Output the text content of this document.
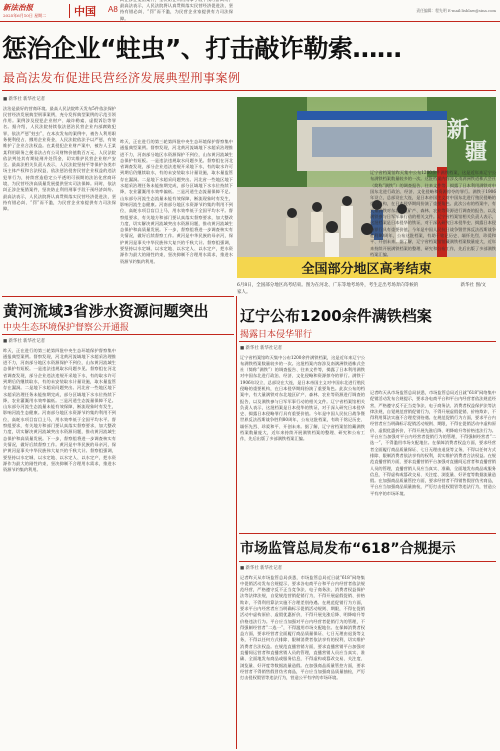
新法治报
2025年6月10日 星期二	中国 A8	责任编辑：程先明 E-mail:lishlaw@sina.com
惩治企业“蛀虫”、打击敲诈勒索……
最高法发布促进民营经济发展典型刑事案例
■ 新华社 新华社记者
法治是最好的营商环境。最高人民法院昨天发布5件依法保护民营经济发展典型刑事案例，充分发挥典型案例的示范引领作用。案例涉及侵犯企业财产、敲诈勒索、虚假诉讼等罪名。据介绍，人民法院持续依法惩治民营企业内部腐败犯罪，依法严惩“蛀虫”，在本次发布的案例中，被告人利用职务便利侵占、挪用企业资金，人民法院依法予以严惩，有效维护了企业合法权益。在某侵犯企业财产案中，被告人王某某利用职务之便非法占有公司财物价值数百万元，人民法院依法判处其有期徒刑并处罚金，切实维护民营企业财产安全。最高法相关负责人表示，人民法院坚持平等保护各类市场主体产权和合法权益，依法惩治侵害民营企业权益的违法犯罪行为，持续营造稳定公平透明可预期的法治化营商环境，为民营经济高质量发展提供坚实司法保障。同时，依法纠正涉企冤错案件，坚决防止利用刑事手段干预经济纠纷。最高法表示，人民法院将认真贯彻落实民营经济促进法，坚持有错必纠、“罚”而不滥，为民营企业家提供有力司法保障。
最高法表示，人民法院将认真贯彻落实民营经济促进法，坚持有错必纠、“罚”而不滥，为民营企业家提供有力司法保障。
全国部分地区高考结束
新
疆
6月8日，全国部分地区高考结束。图为在河北、广东等地考场外，考生走出考场奔向等候的家人。
新华社 图/文
黄河流域3省涉水资源问题突出
中央生态环境保护督察公开通报
■ 新华社 新华社记者
昨天，正在进行的第三轮第四批中央生态环境保护督察集中通报典型案例。督察发现，河北黄河流域地下水超采治理推进不力，河南部分地区水资源保护不到位，山东黄河流域生态保护有短板。一是违法违规取水问题多见。督察组在河北省调查发现，部分企业违法违规开采地下水，有的取水许可到期后仍继续取水，有的未安装取水计量设施，取水量监管存在漏洞。二是地下水超采问题突出。河北省一些地区地下水超采治理任务未能按期完成，部分区域地下水水位持续下降，农业灌溉用水效率偏低。三是河道生态流量保障不足。山东部分河流生态流量未能有效保障，断流现象时有发生，影响河流生态健康。河南部分地区水资源节约集约利用不到位，高耗水项目盲目上马，用水效率低于全国平均水平。督察组要求，有关地方和部门要认真落实督察要求，加大整改力度，切实解决黄河流域突出水资源问题，推动黄河流域生态保护和高质量发展。下一步，督察组将进一步调查核实有关情况，做好后续督察工作。黄河是中华民族的母亲河，保护黄河是事关中华民族伟大复兴的千秋大计。督察组强调，要坚持以水定城、以水定地、以水定人、以水定产，把水资源作为最大的刚性约束，坚决抑制不合理用水需求，推进水资源节约集约利用。
昨天，正在进行的第三轮第四批中央生态环境保护督察集中通报典型案例。督察发现，河北黄河流域地下水超采治理推进不力，河南部分地区水资源保护不到位，山东黄河流域生态保护有短板。一是违法违规取水问题多见。督察组在河北省调查发现，部分企业违法违规开采地下水，有的取水许可到期后仍继续取水，有的未安装取水计量设施，取水量监管存在漏洞。二是地下水超采问题突出。河北省一些地区地下水超采治理任务未能按期完成，部分区域地下水水位持续下降，农业灌溉用水效率偏低。三是河道生态流量保障不足。山东部分河流生态流量未能有效保障，断流现象时有发生，影响河流生态健康。河南部分地区水资源节约集约利用不到位，高耗水项目盲目上马，用水效率低于全国平均水平。督察组要求，有关地方和部门要认真落实督察要求，加大整改力度，切实解决黄河流域突出水资源问题，推动黄河流域生态保护和高质量发展。下一步，督察组将进一步调查核实有关情况，做好后续督察工作。黄河是中华民族的母亲河，保护黄河是事关中华民族伟大复兴的千秋大计。督察组强调，要坚持以水定城、以水定地、以水定人、以水定产，把水资源作为最大的刚性约束，坚决抑制不合理用水需求，推进水资源节约集约利用。
辽宁公布1200余件满铁档案
揭露日本侵华罪行
■ 新华社 新华社记者
辽宁省档案馆昨天集中公布1200余件满铁档案，这是近年来辽宁公布满铁档案数量较多的一次。这批档案内容涉及南满洲铁道株式会社（简称“满铁”）的调查报告、往来文件等，揭露了日本利用满铁对中国东北进行政治、经济、文化侵略和资源掠夺的罪行。满铁于1906年设立，总部设在大连，是日本帝国主义对中国东北进行殖民侵略的重要机构，在日本侵华期间扮演了重要角色。此次公布的档案中，有大量满铁对东北地区矿产、森林、农业等资源进行调查的报告，以及满铁参与日军军事行动的相关文件。辽宁省档案馆相关负责人表示，这批档案是日本侵华的铁证，对于深入研究日本侵华史、揭露日本侵略罪行具有重要价值。今年是中国人民抗日战争暨世界反法西斯战争胜利80周年，公布这批档案，有助于铭记历史、缅怀先烈、珍爱和平、开创未来。据了解，辽宁省档案馆馆藏满铁档案数量庞大，近年来持续开展满铁档案的整理、研究和公布工作，先后出版了多部满铁档案汇编。
辽宁省档案馆昨天集中公布1200余件满铁档案，这是近年来辽宁公布满铁档案数量较多的一次。这批档案内容涉及南满洲铁道株式会社（简称“满铁”）的调查报告、往来文件等，揭露了日本利用满铁对中国东北进行政治、经济、文化侵略和资源掠夺的罪行。满铁于1906年设立，总部设在大连，是日本帝国主义对中国东北进行殖民侵略的重要机构，在日本侵华期间扮演了重要角色。此次公布的档案中，有大量满铁对东北地区矿产、森林、农业等资源进行调查的报告，以及满铁参与日军军事行动的相关文件。辽宁省档案馆相关负责人表示，这批档案是日本侵华的铁证，对于深入研究日本侵华史、揭露日本侵略罪行具有重要价值。今年是中国人民抗日战争暨世界反法西斯战争胜利80周年，公布这批档案，有助于铭记历史、缅怀先烈、珍爱和平、开创未来。据了解，辽宁省档案馆馆藏满铁档案数量庞大，近年来持续开展满铁档案的整理、研究和公布工作，先后出版了多部满铁档案汇编。
市场监管总局发布“618”合规提示
■ 新华社 新华社记者
记者昨天从市场监管总局获悉，市场监管总局近日就“618”网络集中促销活动发布合规提示，要求各电商平台和平台内经营者依法规范经营，严格遵守反不正当竞争法、电子商务法、消费者权益保护法等法律法规，自觉规范营销促销行为，不得开展虚假促销、价格欺诈，不得利用算法实施不合理差别待遇。在规范促销行为方面，要求平台内经营者应当明确标示促销活动规则、期限，不得在促销活动中虚构原价、虚假优惠折价，不得开展先涨后降、明降暗升等价格违法行为。平台应当加强对平台内经营者促销行为的管理，不得强制经营者“二选一”，不得滥用市场支配地位。在保障消费者权益方面，要求经营者全面履行商品质量保证、七日无理由退货等义务，不得以任何方式排除、限制消费者依法享有的权利，切实维护消费者合法权益。在规范直播营销方面，要求直播营销平台加强对直播间运营者和直播营销人员的管理，直播营销人员应当真实、准确、全面地发布商品或服务信息，不得虚构或篡改交易、关注度、浏览量、好评度等数据流量造假。在加强商品质量管控方面，要求经营者不得销售假冒伪劣商品，平台应当加强商品质量抽检，严厉打击侵权假冒等违法行为，营造公平有序的市场环境。
记者昨天从市场监管总局获悉，市场监管总局近日就“618”网络集中促销活动发布合规提示，要求各电商平台和平台内经营者依法规范经营，严格遵守反不正当竞争法、电子商务法、消费者权益保护法等法律法规，自觉规范营销促销行为，不得开展虚假促销、价格欺诈，不得利用算法实施不合理差别待遇。在规范促销行为方面，要求平台内经营者应当明确标示促销活动规则、期限，不得在促销活动中虚构原价、虚假优惠折价，不得开展先涨后降、明降暗升等价格违法行为。平台应当加强对平台内经营者促销行为的管理，不得强制经营者“二选一”，不得滥用市场支配地位。在保障消费者权益方面，要求经营者全面履行商品质量保证、七日无理由退货等义务，不得以任何方式排除、限制消费者依法享有的权利，切实维护消费者合法权益。在规范直播营销方面，要求直播营销平台加强对直播间运营者和直播营销人员的管理，直播营销人员应当真实、准确、全面地发布商品或服务信息，不得虚构或篡改交易、关注度、浏览量、好评度等数据流量造假。在加强商品质量管控方面，要求经营者不得销售假冒伪劣商品，平台应当加强商品质量抽检，严厉打击侵权假冒等违法行为，营造公平有序的市场环境。
